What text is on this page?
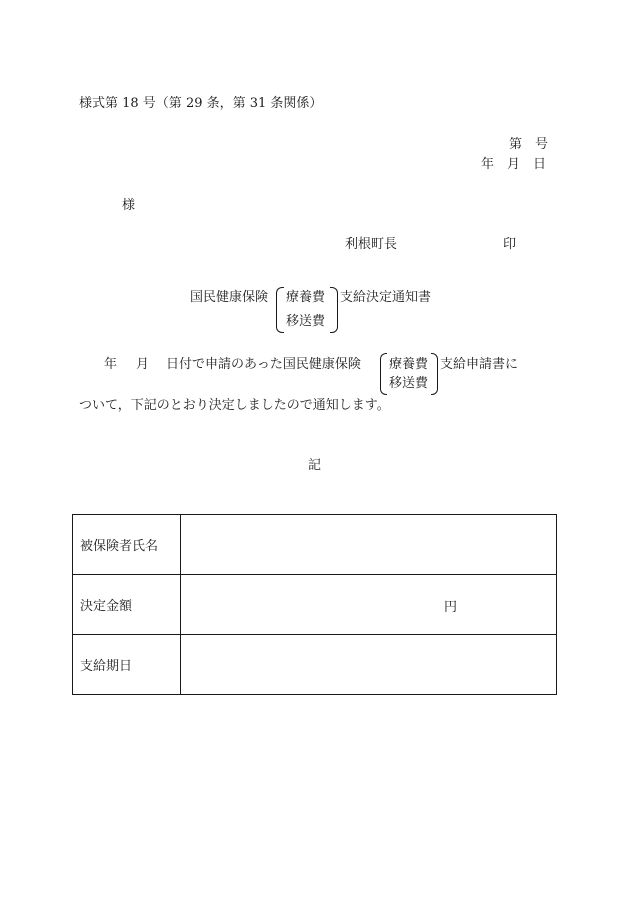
様式第 18 号（第 29 条，第 31 条関係）
第 号
年 月 日
様
利根町長	印
国民健康保険 療養費
移送費
支給決定通知書
年 月 日付で申請のあった国民健康保険 療養費
移送費
支給申請書に
ついて，下記のとおり決定しましたので通知します。
記
被保険者氏名	
決定金額	円

支給期日	
